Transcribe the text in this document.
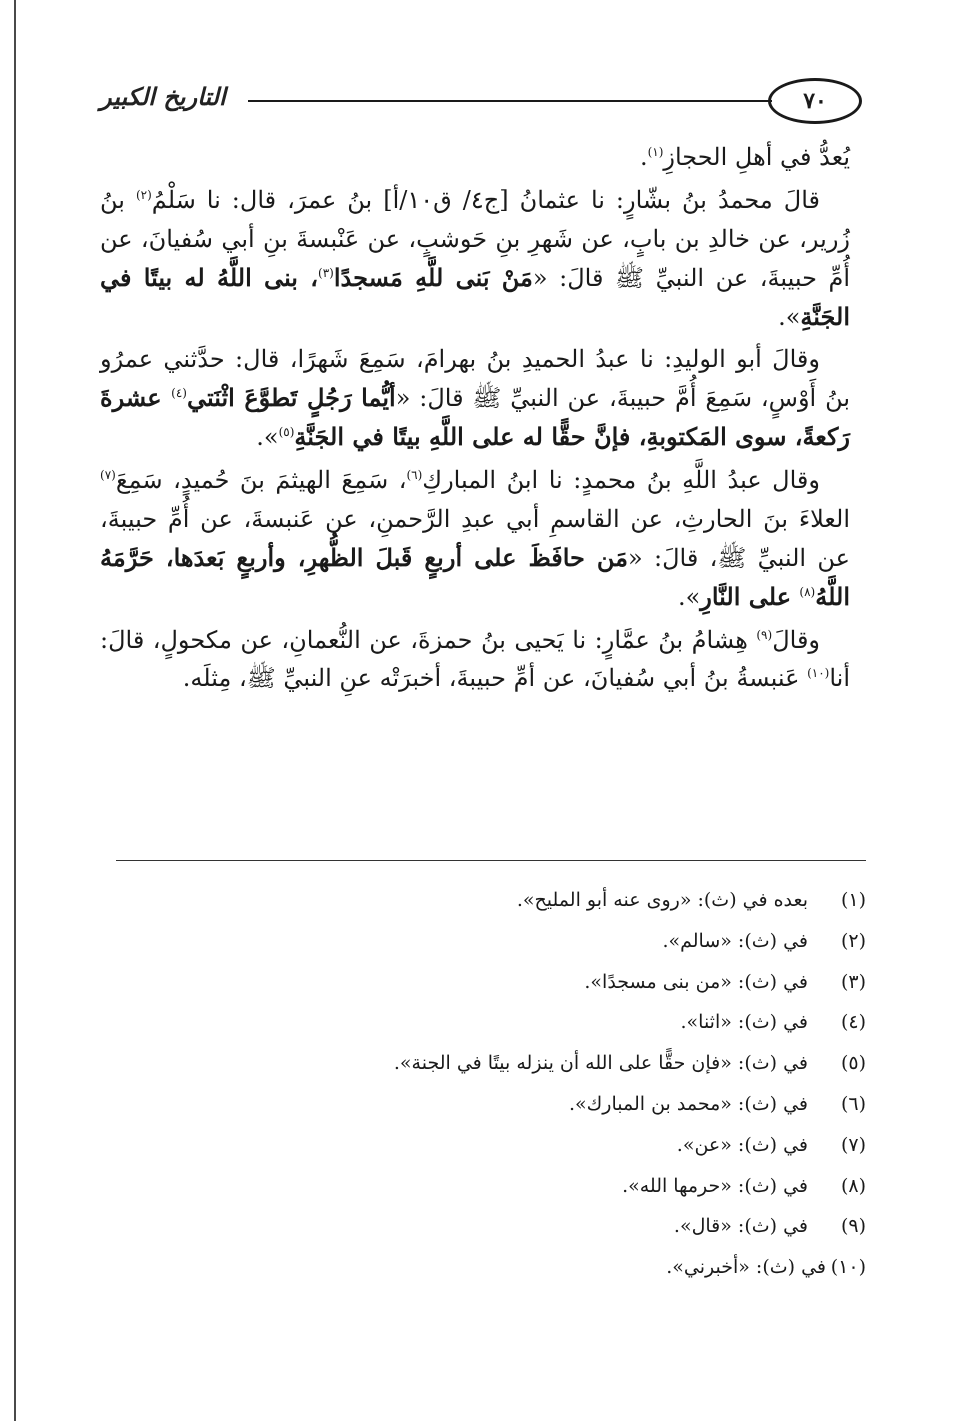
٧٠
التاريخ الكبير

يُعدُّ في أهلِ الحجازِ$^{(١)}$.

قالَ محمدُ بنُ بشّارٍ: نا عثمانُ [ج٤/ ق١٠/أ] بنُ عمرَ، قال: نا سَلْمُ$^{(٢)}$ بنُ زُرير، عن خالدِ بن بابٍ، عن شَهرِ بنِ حَوشبٍ، عن عَنْبسةَ بنِ أبي سُفيانَ، عن أُمِّ حبيبةَ، عن النبيِّ ﷺ قالَ: «مَنْ بَنى للَّهِ مَسجدًا$^{(٣)}$، بنى اللَّهُ له بيتًا في الجَنَّةِ».

وقالَ أبو الوليدِ: نا عبدُ الحميدِ بنُ بهرامَ، سَمِعَ شَهرًا، قال: حدَّثني عمرُو بنُ أَوْسٍ، سَمِعَ أُمَّ حبيبةَ، عن النبيِّ ﷺ قالَ: «أيُّما رَجُلٍ تَطوَّعَ اثْنَتي$^{(٤)}$ عشرةَ رَكعةً، سوى المَكتوبةِ، فإنَّ حقًّا له على اللَّهِ بيتًا في الجَنَّةِ$^{(٥)}$».

وقال عبدُ اللَّهِ بنُ محمدٍ: نا ابنُ المباركِ$^{(٦)}$، سَمِعَ الهيثمَ بنَ حُميدٍ، سَمِعَ$^{(٧)}$ العلاءَ بنَ الحارثِ، عن القاسمِ أبي عبدِ الرَّحمنِ، عن عَنبسةَ، عن أُمِّ حبيبةَ، عن النبيِّ ﷺ، قالَ: «مَن حافَظَ على أربعٍ قَبلَ الظُّهرِ، وأربعٍ بَعدَها، حَرَّمَهُ اللَّهُ$^{(٨)}$ على النَّارِ».

وقالَ$^{(٩)}$ هِشامُ بنُ عمَّارٍ: نا يَحيى بنُ حمزةَ، عن النُّعمانِ، عن مكحولٍ، قالَ: أنا$^{(١٠)}$ عَنبسةُ بنُ أبي سُفيانَ، عن أمِّ حبيبةَ، أخبرَتْه عنِ النبيِّ ﷺ، مِثلَه.

(١)
بعده في (ث): «روى عنه أبو المليح».
(٢)
في (ث): «سالم».
(٣)
في (ث): «من بنى مسجدًا».
(٤)
في (ث): «اثنا».
(٥)
في (ث): «فإن حقًّا على الله أن ينزله بيتًا في الجنة».
(٦)
في (ث): «محمد بن المبارك».
(٧)
في (ث): «عن».
(٨)
في (ث): «حرمها الله».
(٩)
في (ث): «قال».
(١٠)
في (ث): «أخبرني».
